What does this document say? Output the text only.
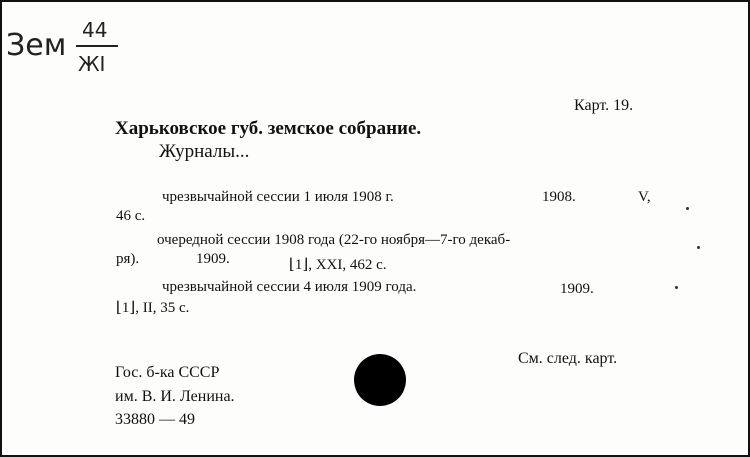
Зем 44
ЖI
Карт. 19.
Харьковское губ. земское собрание.
Журналы...
чрезвычайной сессии 1 июля 1908 г.	1908.	V,
46 с.
очередной сессии 1908 года (22-го ноября—7-го декаб-
ря).	1909.	⌊1⌋, XXI, 462 с.
чрезвычайной сессии 4 июля 1909 года.	1909.
⌊1⌋, II, 35 с.
См. след. карт.
Гос. б-ка СССР
им. В. И. Ленина.
33880 — 49
